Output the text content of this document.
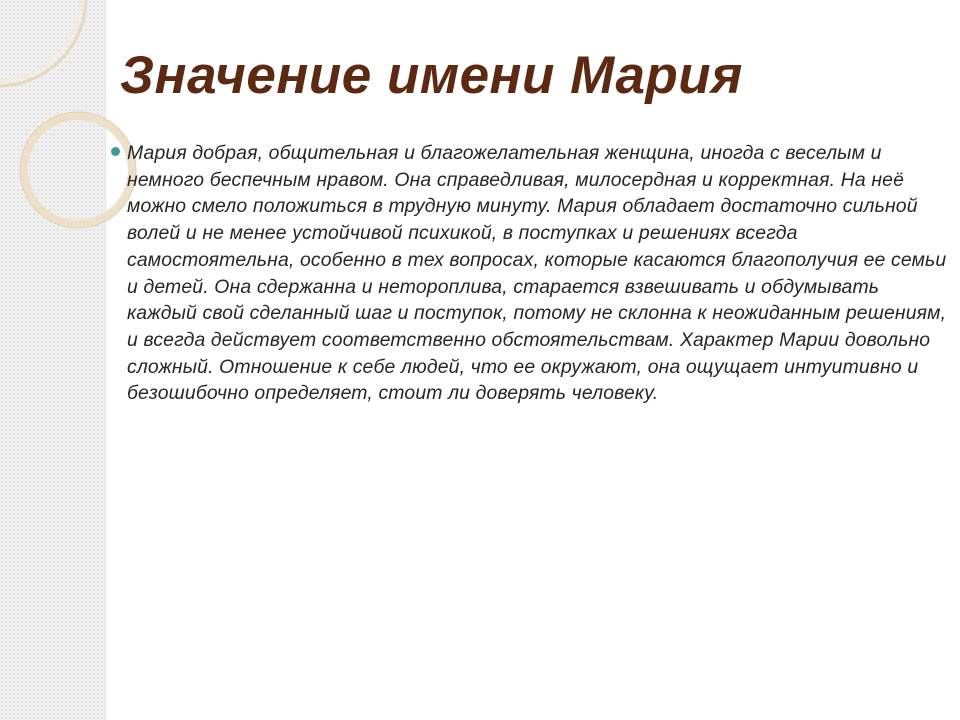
Значение имени Мария

Мария добрая, общительная и благожелательная женщина, иногда с веселым и немного беспечным нравом. Она справедливая, милосердная и корректная. На неё можно смело положиться в трудную минуту. Мария обладает достаточно сильной волей и не менее устойчивой психикой, в поступках и решениях всегда самостоятельна, особенно в тех вопросах, которые касаются благополучия ее семьи и детей. Она сдержанна и нетороплива, старается взвешивать и обдумывать каждый свой сделанный шаг и поступок, потому не склонна к неожиданным решениям, и всегда действует соответственно обстоятельствам. Характер Марии довольно сложный. Отношение к себе людей, что ее окружают, она ощущает интуитивно и безошибочно определяет, стоит ли доверять человеку.
